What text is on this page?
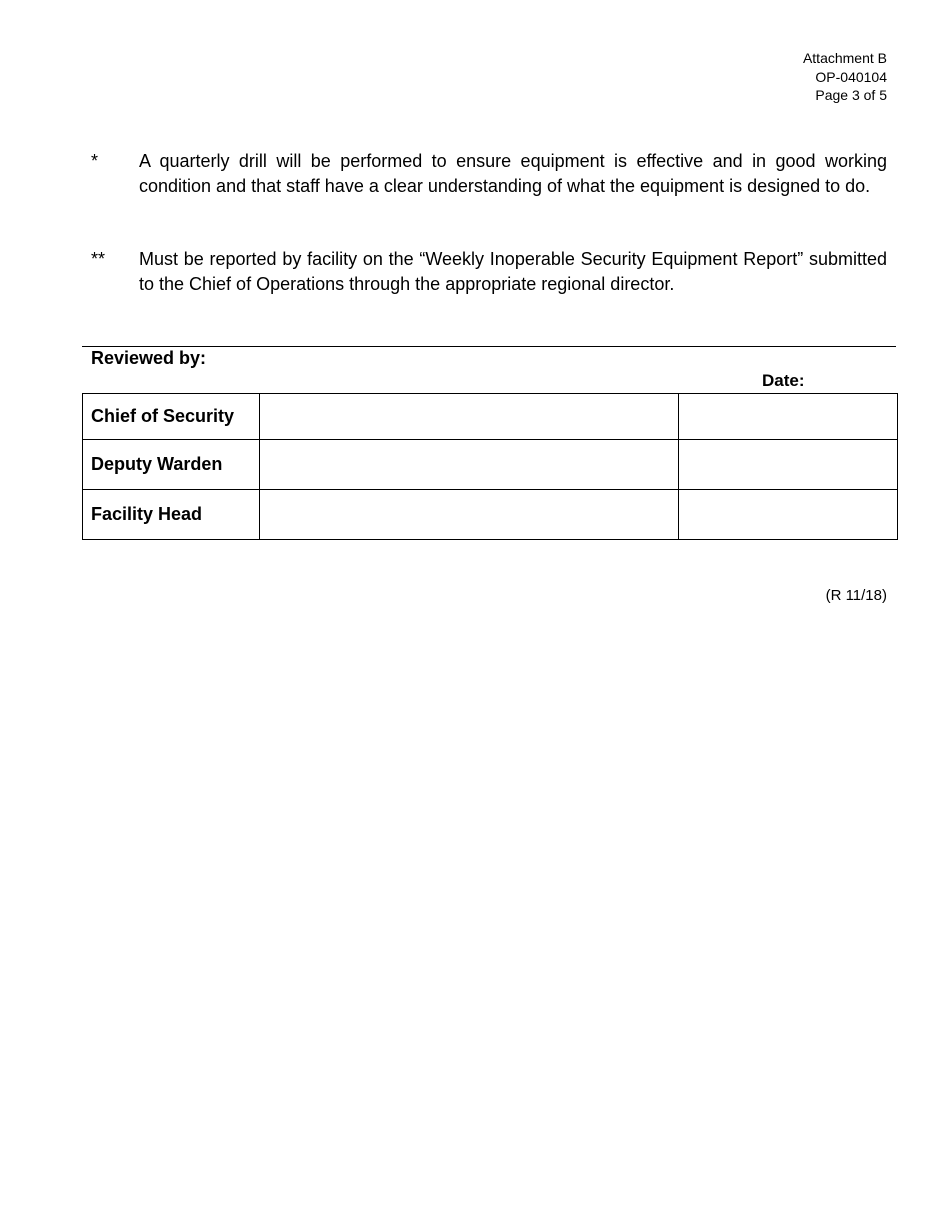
Attachment B
OP-040104
Page 3 of 5
* A quarterly drill will be performed to ensure equipment is effective and in good working condition and that staff have a clear understanding of what the equipment is designed to do.
** Must be reported by facility on the “Weekly Inoperable Security Equipment Report” submitted to the Chief of Operations through the appropriate regional director.
Reviewed by:
Date:
Chief of Security		
Deputy Warden		
Facility Head		
(R 11/18)
